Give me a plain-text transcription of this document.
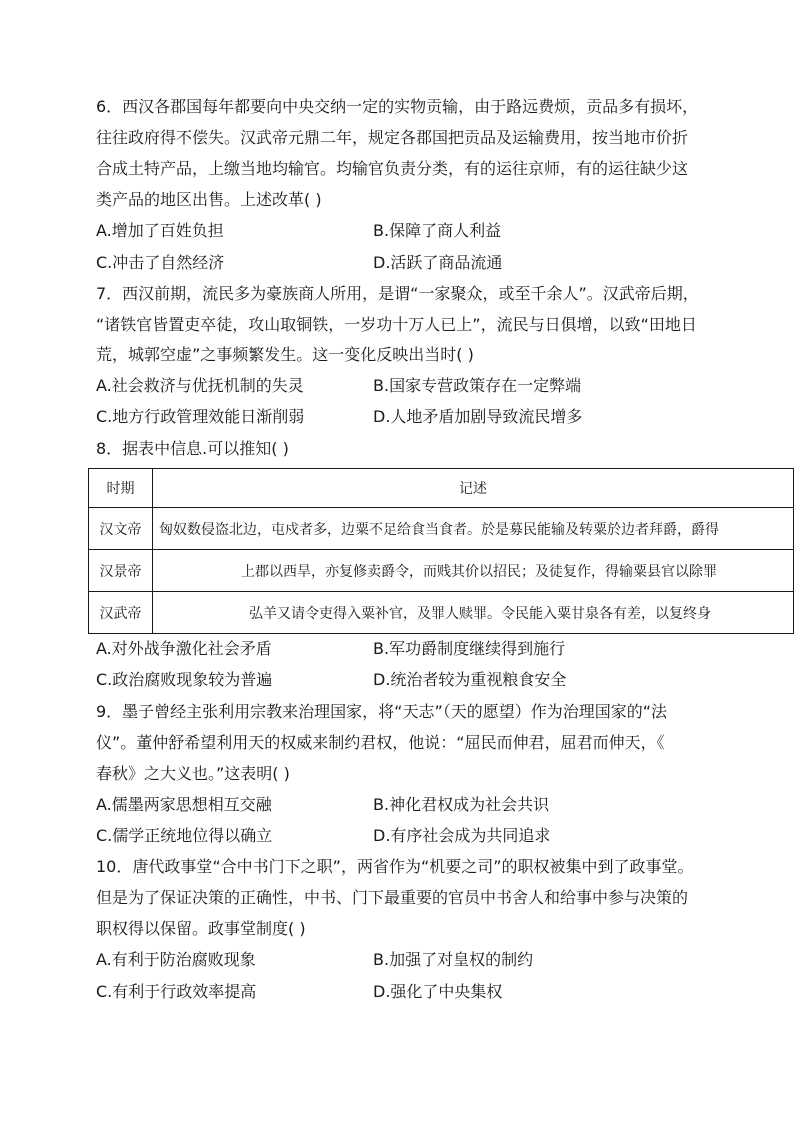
6．西汉各郡国每年都要向中央交纳一定的实物贡输，由于路远费烦，贡品多有损坏，
往往政府得不偿失。汉武帝元鼎二年，规定各郡国把贡品及运输费用，按当地市价折
合成土特产品，上缴当地均输官。均输官负责分类，有的运往京师，有的运往缺少这
类产品的地区出售。上述改革( )
A.增加了百姓负担	B.保障了商人利益
C.冲击了自然经济	D.活跃了商品流通
7．西汉前期，流民多为豪族商人所用，是谓“一家聚众，或至千余人”。汉武帝后期，
“诸铁官皆置吏卒徒，攻山取铜铁，一岁功十万人已上”，流民与日俱增，以致“田地日
荒，城郭空虚”之事频繁发生。这一变化反映出当时( )
A.社会救济与优抚机制的失灵	B.国家专营政策存在一定弊端
C.地方行政管理效能日渐削弱	D.人地矛盾加剧导致流民增多
8．据表中信息.可以推知( )
时期	记述
汉文帝	匈奴数侵盗北边，屯戍者多，边粟不足给食当食者。於是募民能输及转粟於边者拜爵，爵得
汉景帝	上郡以西旱，亦复修卖爵令，而贱其价以招民；及徒复作，得输粟县官以除罪
汉武帝	弘羊又请令吏得入粟补官，及罪人赎罪。令民能入粟甘泉各有差，以复终身
A.对外战争激化社会矛盾	B.军功爵制度继续得到施行
C.政治腐败现象较为普遍	D.统治者较为重视粮食安全
9．墨子曾经主张利用宗教来治理国家，将“天志”（天的愿望）作为治理国家的“法
仪”。董仲舒希望利用天的权威来制约君权，他说：“屈民而伸君，屈君而伸天，《
春秋》之大义也。”这表明( )
A.儒墨两家思想相互交融	B.神化君权成为社会共识
C.儒学正统地位得以确立	D.有序社会成为共同追求
10．唐代政事堂“合中书门下之职”，两省作为“机要之司”的职权被集中到了政事堂。
但是为了保证决策的正确性，中书、门下最重要的官员中书舍人和给事中参与决策的
职权得以保留。政事堂制度( )
A.有利于防治腐败现象	B.加强了对皇权的制约
C.有利于行政效率提高	D.强化了中央集权
